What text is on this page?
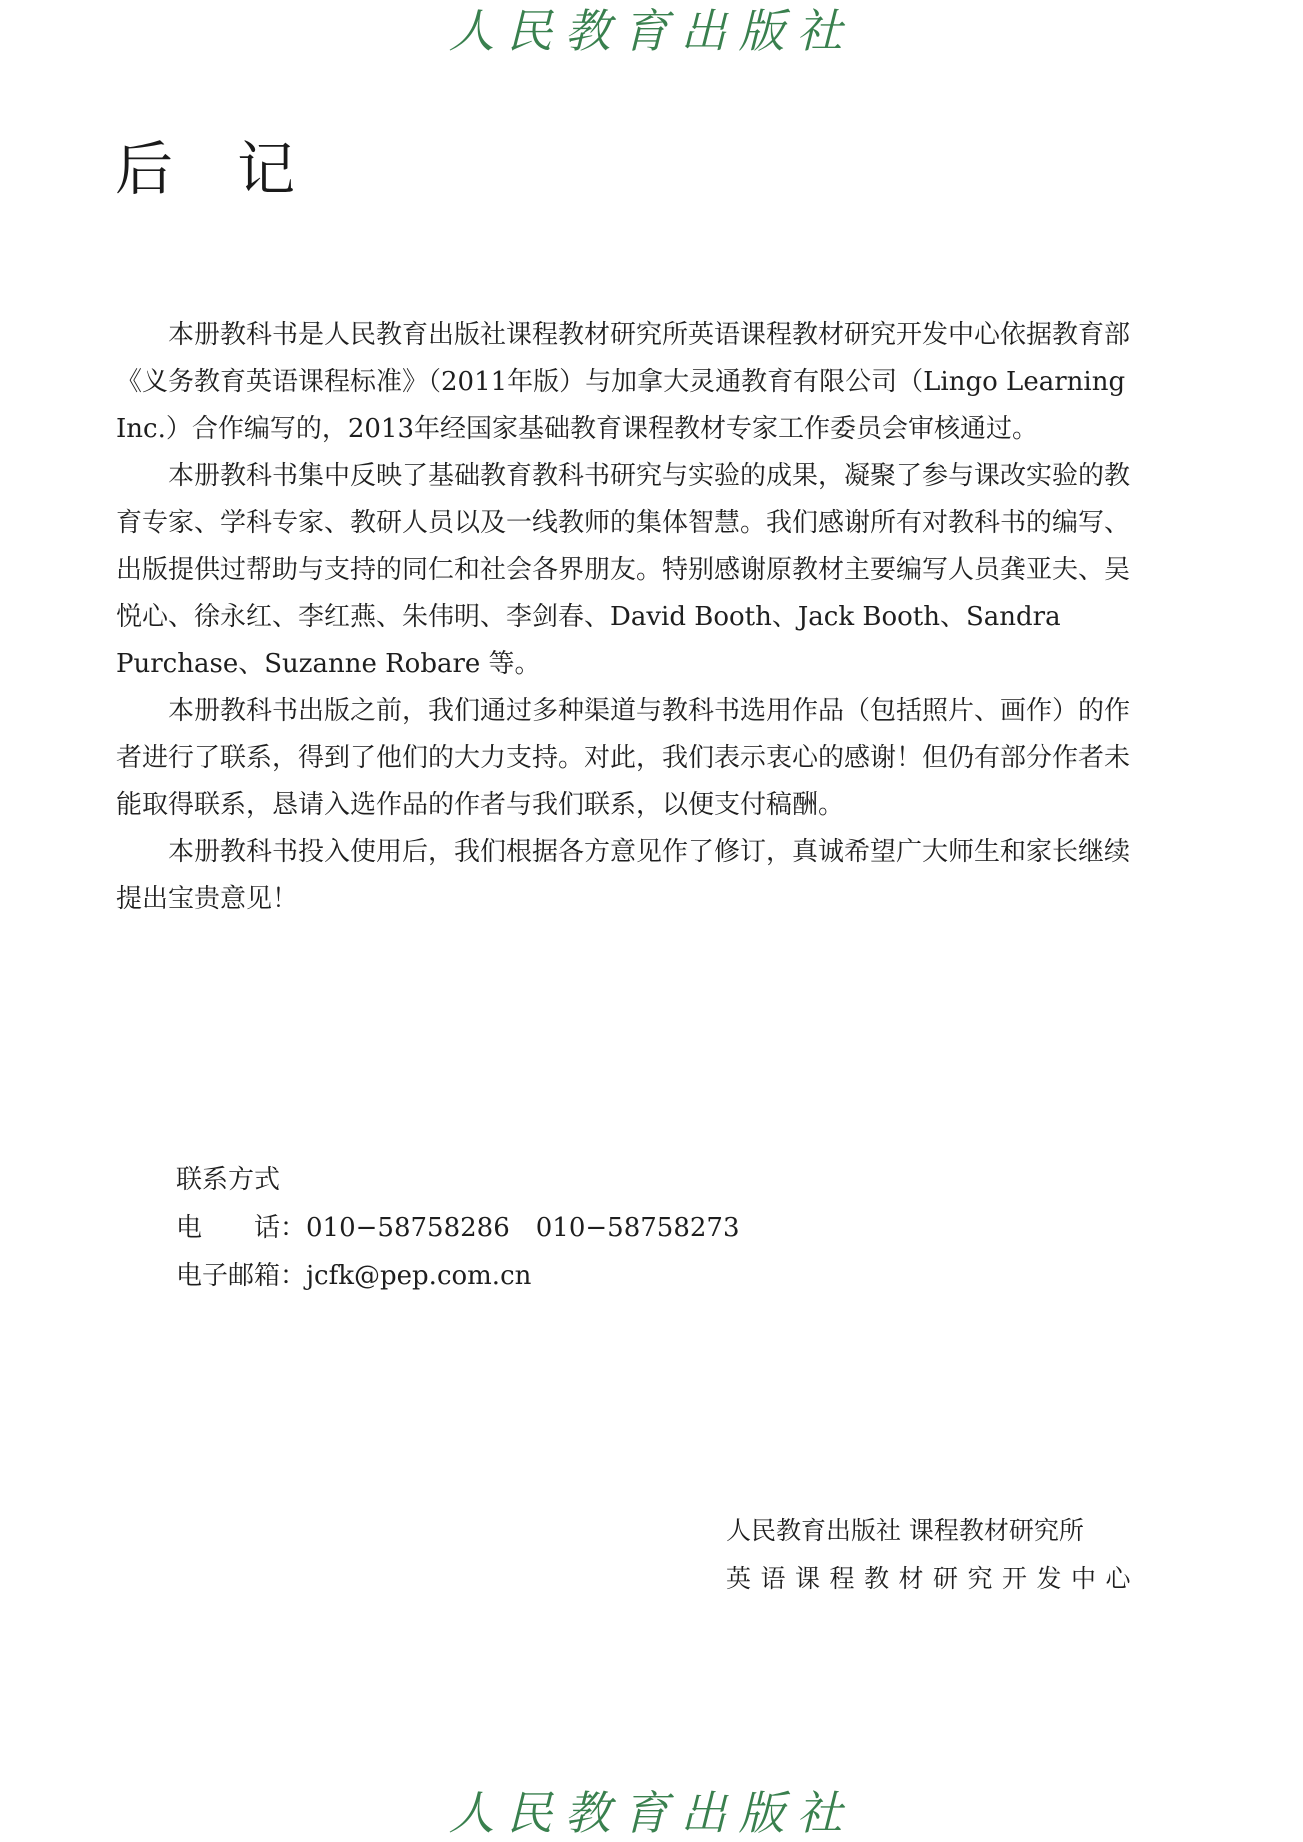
人民教育出版社
后记

本册教科书是人民教育出版社课程教材研究所英语课程教材研究开发中心依据教育部《义务教育英语课程标准》（2011年版）与加拿大灵通教育有限公司（Lingo Learning Inc.）合作编写的，2013年经国家基础教育课程教材专家工作委员会审核通过。

本册教科书集中反映了基础教育教科书研究与实验的成果，凝聚了参与课改实验的教育专家、学科专家、教研人员以及一线教师的集体智慧。我们感谢所有对教科书的编写、出版提供过帮助与支持的同仁和社会各界朋友。特别感谢原教材主要编写人员龚亚夫、吴悦心、徐永红、李红燕、朱伟明、李剑春、David Booth、Jack Booth、Sandra Purchase、Suzanne Robare 等。

本册教科书出版之前，我们通过多种渠道与教科书选用作品（包括照片、画作）的作者进行了联系，得到了他们的大力支持。对此，我们表示衷心的感谢！但仍有部分作者未能取得联系，恳请入选作品的作者与我们联系，以便支付稿酬。

本册教科书投入使用后，我们根据各方意见作了修订，真诚希望广大师生和家长继续提出宝贵意见！

联系方式
电　　话：010−58758286　010−58758273
电子邮箱：jcfk@pep.com.cn
人民教育出版社 课程教材研究所
英语课程教材研究开发中心
人民教育出版社
